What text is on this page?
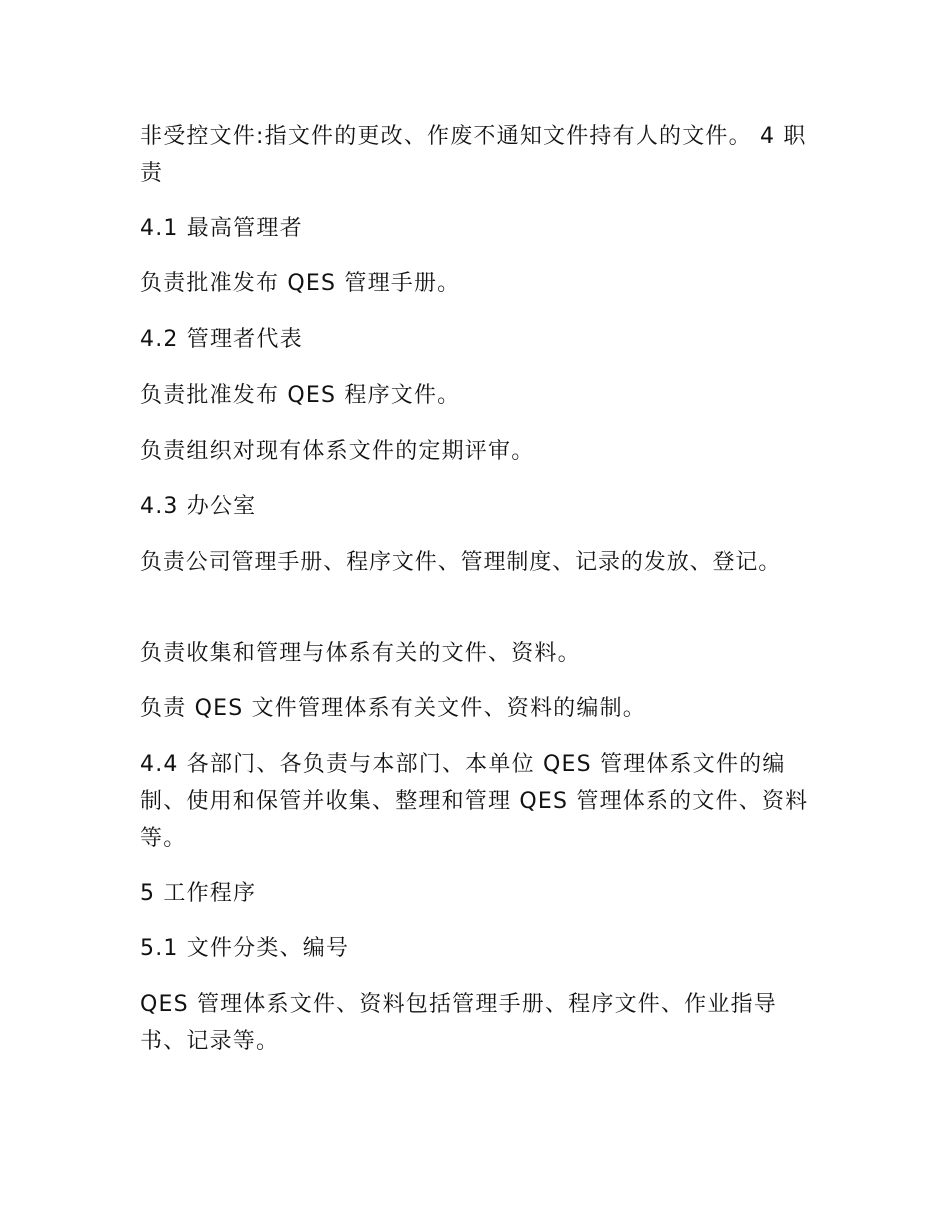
非受控文件:指文件的更改、作废不通知文件持有人的文件。 4 职责
4.1 最高管理者
负责批准发布 QES 管理手册。
4.2 管理者代表
负责批准发布 QES 程序文件。
负责组织对现有体系文件的定期评审。
4.3 办公室
负责公司管理手册、程序文件、管理制度、记录的发放、登记。
负责收集和管理与体系有关的文件、资料。
负责 QES 文件管理体系有关文件、资料的编制。
4.4 各部门、各负责与本部门、本单位 QES 管理体系文件的编制、使用和保管并收集、整理和管理 QES 管理体系的文件、资料等。
5 工作程序
5.1 文件分类、编号
QES 管理体系文件、资料包括管理手册、程序文件、作业指导书、记录等。
